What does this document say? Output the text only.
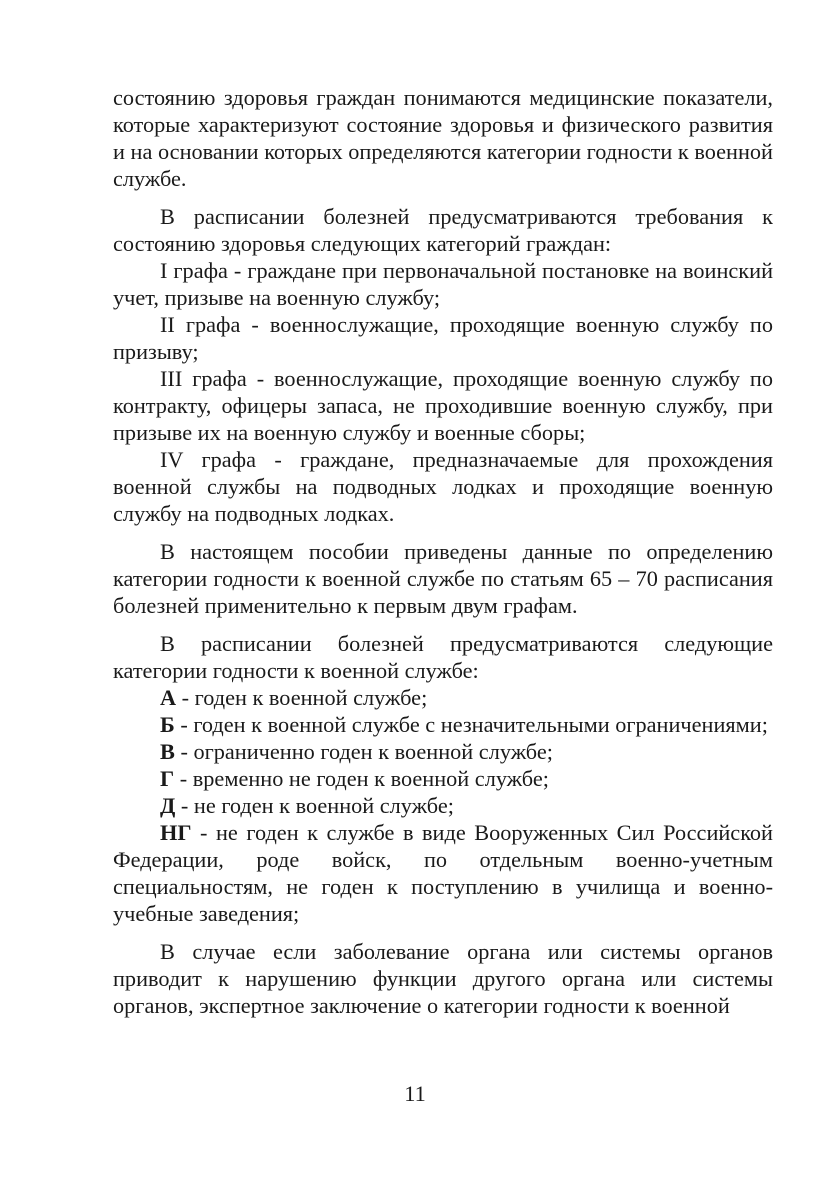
состоянию здоровья граждан понимаются медицинские показатели, которые характеризуют состояние здоровья и физического развития и на основании которых определяются категории годности к военной службе.

В расписании болезней предусматриваются требования к состоянию здоровья следующих категорий граждан:

I графа - граждане при первоначальной постановке на воинский учет, призыве на военную службу;

II графа - военнослужащие, проходящие военную службу по призыву;

III графа - военнослужащие, проходящие военную службу по контракту, офицеры запаса, не проходившие военную службу, при призыве их на военную службу и военные сборы;

IV графа - граждане, предназначаемые для прохождения военной службы на подводных лодках и проходящие военную службу на подводных лодках.

В настоящем пособии приведены данные по определению категории годности к военной службе по статьям 65 – 70 расписания болезней применительно к первым двум графам.

В расписании болезней предусматриваются следующие категории годности к военной службе:

А - годен к военной службе;

Б - годен к военной службе с незначительными ограничениями;

В - ограниченно годен к военной службе;

Г - временно не годен к военной службе;

Д - не годен к военной службе;

НГ - не годен к службе в виде Вооруженных Сил Российской Федерации, роде войск, по отдельным военно-учетным специальностям, не годен к поступлению в училища и военно-учебные заведения;

В случае если заболевание органа или системы органов приводит к нарушению функции другого органа или системы органов, экспертное заключение о категории годности к военной

11
